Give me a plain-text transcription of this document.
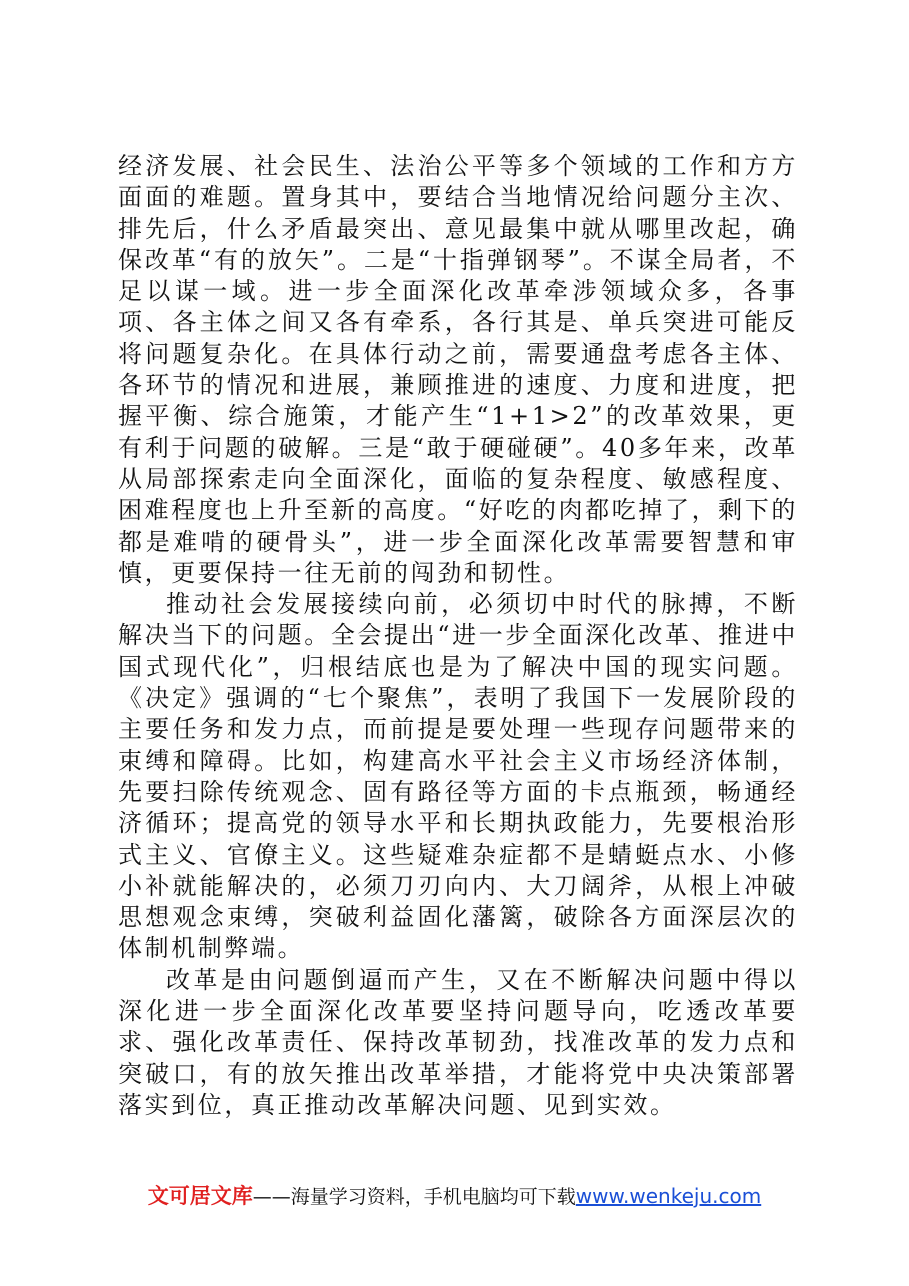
经济发展、社会民生、法治公平等多个领域的工作和方方面面的难题。置身其中，要结合当地情况给问题分主次、排先后，什么矛盾最突出、意见最集中就从哪里改起，确保改革“有的放矢”。二是“十指弹钢琴”。不谋全局者，不足以谋一域。进一步全面深化改革牵涉领域众多，各事项、各主体之间又各有牵系，各行其是、单兵突进可能反将问题复杂化。在具体行动之前，需要通盘考虑各主体、各环节的情况和进展，兼顾推进的速度、力度和进度，把握平衡、综合施策，才能产生“1+1>2”的改革效果，更有利于问题的破解。三是“敢于硬碰硬”。40多年来，改革从局部探索走向全面深化，面临的复杂程度、敏感程度、困难程度也上升至新的高度。“好吃的肉都吃掉了，剩下的都是难啃的硬骨头”，进一步全面深化改革需要智慧和审慎，更要保持一往无前的闯劲和韧性。

推动社会发展接续向前，必须切中时代的脉搏，不断解决当下的问题。全会提出“进一步全面深化改革、推进中国式现代化”，归根结底也是为了解决中国的现实问题。《决定》强调的“七个聚焦”，表明了我国下一发展阶段的主要任务和发力点，而前提是要处理一些现存问题带来的束缚和障碍。比如，构建高水平社会主义市场经济体制，先要扫除传统观念、固有路径等方面的卡点瓶颈，畅通经济循环；提高党的领导水平和长期执政能力，先要根治形式主义、官僚主义。这些疑难杂症都不是蜻蜓点水、小修小补就能解决的，必须刀刃向内、大刀阔斧，从根上冲破思想观念束缚，突破利益固化藩篱，破除各方面深层次的体制机制弊端。

改革是由问题倒逼而产生，又在不断解决问题中得以深化进一步全面深化改革要坚持问题导向，吃透改革要求、强化改革责任、保持改革韧劲，找准改革的发力点和突破口，有的放矢推出改革举措，才能将党中央决策部署落实到位，真正推动改革解决问题、见到实效。

文可居文库——海量学习资料，手机电脑均可下载www.wenkeju.com
